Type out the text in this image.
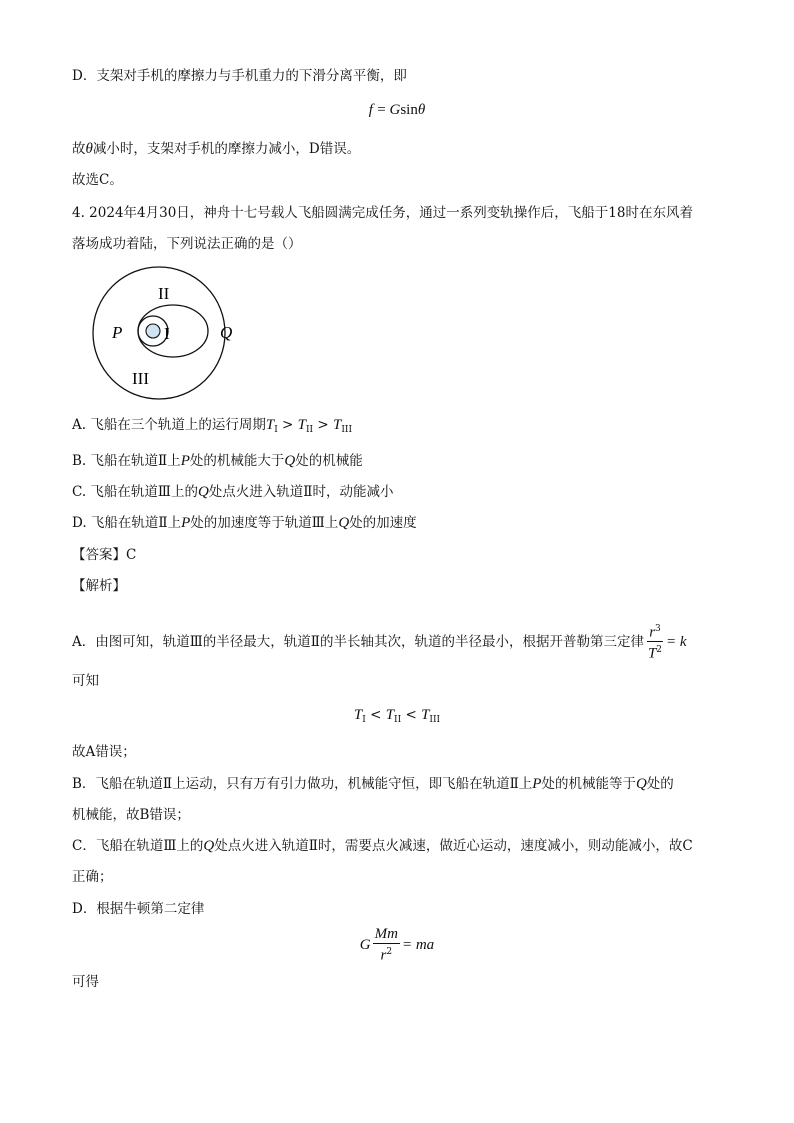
D．支架对手机的摩擦力与手机重力的下滑分离平衡，即
f = Gsinθ
故θ减小时，支架对手机的摩擦力减小，D错误。
故选C。
4. 2024年4月30日，神舟十七号载人飞船圆满完成任务，通过一系列变轨操作后，飞船于18时在东风着
落场成功着陆，下列说法正确的是（）
II
I
III
P	Q
A. 飞船在三个轨道上的运行周期$T_I > T_{II} > T_{III}$
B. 飞船在轨道Ⅱ上P处的机械能大于Q处的机械能
C. 飞船在轨道Ⅲ上的Q处点火进入轨道Ⅱ时，动能减小
D. 飞船在轨道Ⅱ上P处的加速度等于轨道Ⅲ上Q处的加速度
【答案】C
【解析】
A．由图可知，轨道Ⅲ的半径最大，轨道Ⅱ的半长轴其次，轨道的半径最小，根据开普勒第三定律 $\frac{r^3}{T^2} = k$
可知
$T_I < T_{II} < T_{III}$
故A错误；
B．飞船在轨道Ⅱ上运动，只有万有引力做功，机械能守恒，即飞船在轨道Ⅱ上P处的机械能等于Q处的
机械能，故B错误；
C．飞船在轨道Ⅲ上的Q处点火进入轨道Ⅱ时，需要点火减速，做近心运动，速度减小，则动能减小，故C
正确；
D．根据牛顿第二定律
G $\frac{Mm}{r^2}$ = ma
可得
